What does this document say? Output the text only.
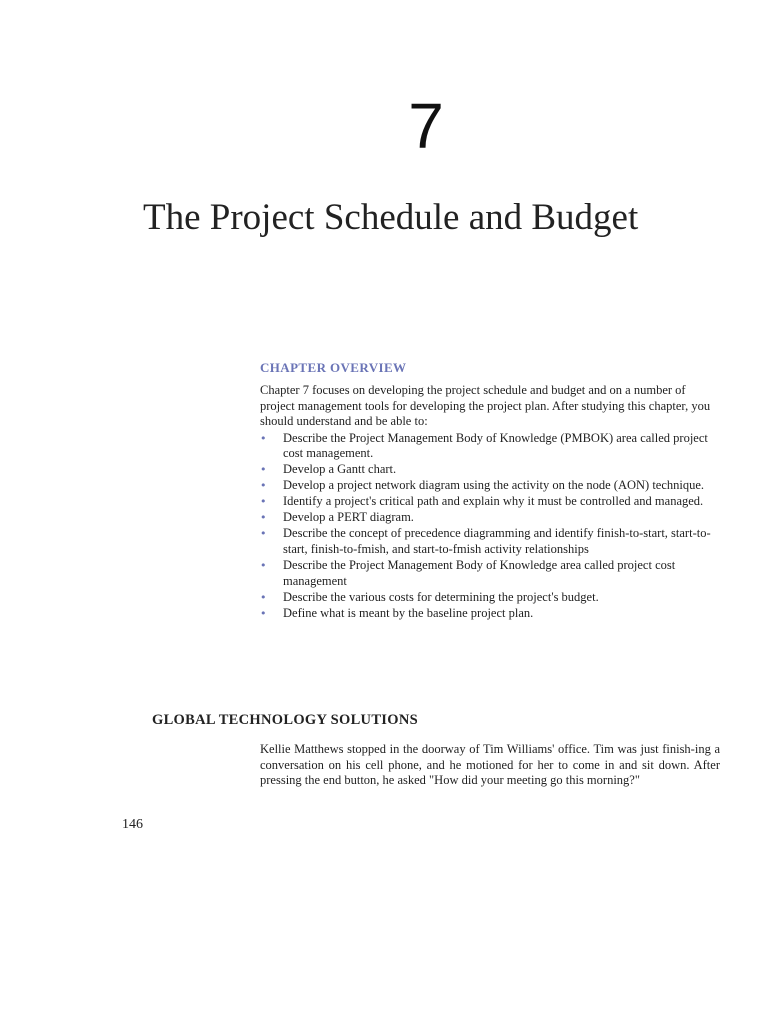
7
The Project Schedule and Budget
CHAPTER OVERVIEW

Chapter 7 focuses on developing the project schedule and budget and on a number of project management tools for developing the project plan. After studying this chapter, you should understand and be able to:

• Describe the Project Management Body of Knowledge (PMBOK) area called project cost management.
• Develop a Gantt chart.
• Develop a project network diagram using the activity on the node (AON) technique.
• Identify a project's critical path and explain why it must be controlled and managed.
• Develop a PERT diagram.
• Describe the concept of precedence diagramming and identify finish-to-start, start-to-start, finish-to-fmish, and start-to-fmish activity relationships
• Describe the Project Management Body of Knowledge area called project cost management
• Describe the various costs for determining the project's budget.
• Define what is meant by the baseline project plan.
GLOBAL TECHNOLOGY SOLUTIONS

Kellie Matthews stopped in the doorway of Tim Williams' office. Tim was just finish-ing a conversation on his cell phone, and he motioned for her to come in and sit down. After pressing the end button, he asked "How did your meeting go this morning?"

146
